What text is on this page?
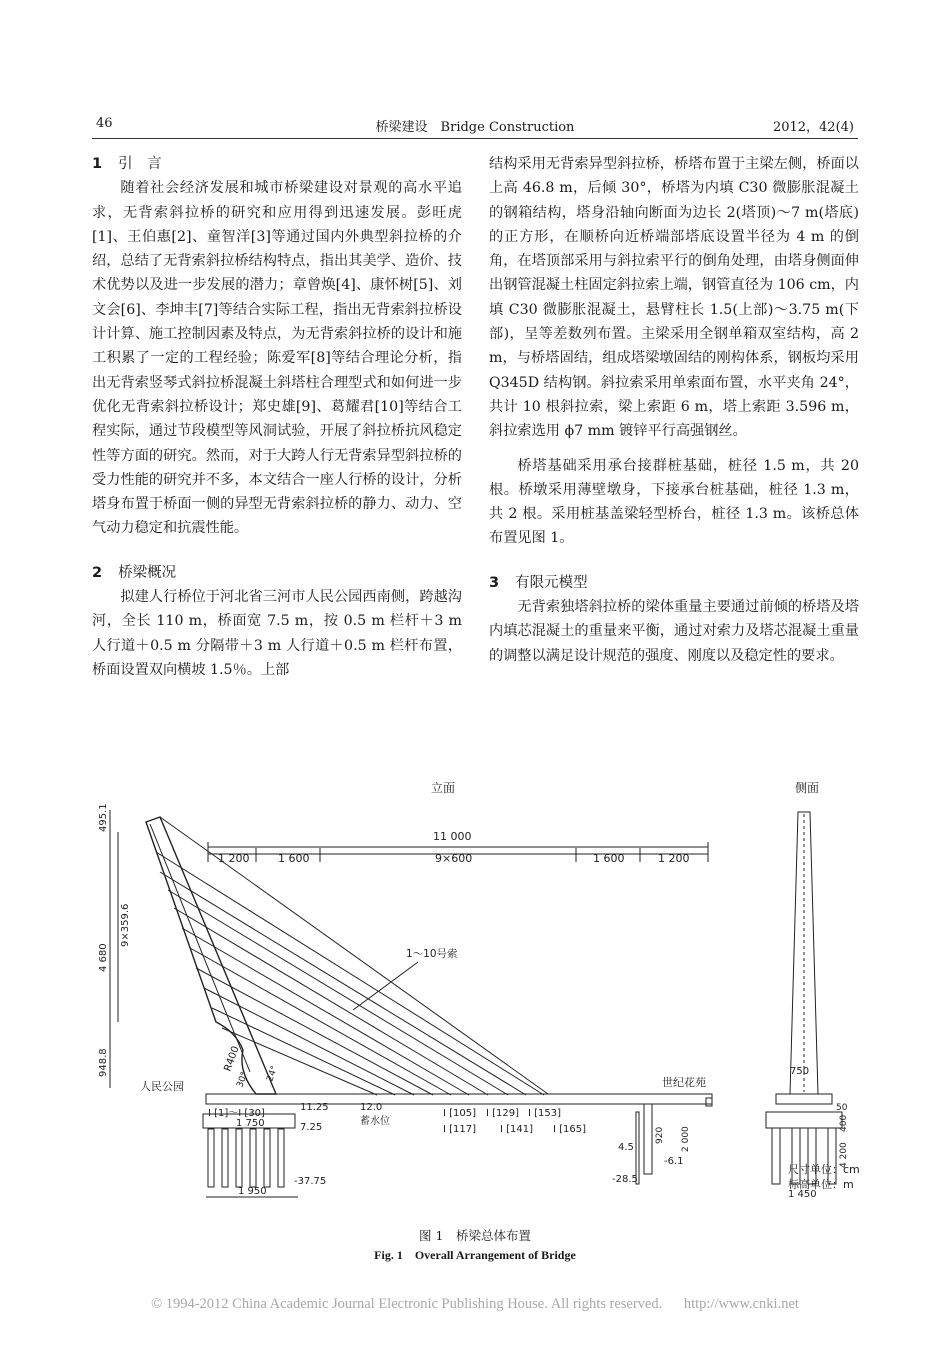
46	桥梁建设　Bridge Construction	2012，42(4)

1 引　言

随着社会经济发展和城市桥梁建设对景观的高水平追求，无背索斜拉桥的研究和应用得到迅速发展。彭旺虎[1]、王伯惠[2]、童智洋[3]等通过国内外典型斜拉桥的介绍，总结了无背索斜拉桥结构特点，指出其美学、造价、技术优势以及进一步发展的潜力；章曾焕[4]、康怀树[5]、刘文会[6]、李坤丰[7]等结合实际工程，指出无背索斜拉桥设计计算、施工控制因素及特点，为无背索斜拉桥的设计和施工积累了一定的工程经验；陈爱军[8]等结合理论分析，指出无背索竖琴式斜拉桥混凝土斜塔柱合理型式和如何进一步优化无背索斜拉桥设计；郑史雄[9]、葛耀君[10]等结合工程实际，通过节段模型等风洞试验，开展了斜拉桥抗风稳定性等方面的研究。然而，对于大跨人行无背索异型斜拉桥的受力性能的研究并不多，本文结合一座人行桥的设计，分析塔身布置于桥面一侧的异型无背索斜拉桥的静力、动力、空气动力稳定和抗震性能。

2 桥梁概况

拟建人行桥位于河北省三河市人民公园西南侧，跨越沟河，全长 110 m，桥面宽 7.5 m，按 0.5 m 栏杆＋3 m 人行道＋0.5 m 分隔带＋3 m 人行道＋0.5 m 栏杆布置，桥面设置双向横坡 1.5％。上部

结构采用无背索异型斜拉桥，桥塔布置于主梁左侧，桥面以上高 46.8 m，后倾 30°，桥塔为内填 C30 微膨胀混凝土的钢箱结构，塔身沿轴向断面为边长 2(塔顶)～7 m(塔底)的正方形，在顺桥向近桥端部塔底设置半径为 4 m 的倒角，在塔顶部采用与斜拉索平行的倒角处理，由塔身侧面伸出钢管混凝土柱固定斜拉索上端，钢管直径为 106 cm，内填 C30 微膨胀混凝土，悬臂柱长 1.5(上部)～3.75 m(下部)，呈等差数列布置。主梁采用全钢单箱双室结构，高 2 m，与桥塔固结，组成塔梁墩固结的刚构体系，钢板均采用 Q345D 结构钢。斜拉索采用单索面布置，水平夹角 24°，共计 10 根斜拉索，梁上索距 6 m，塔上索距 3.596 m，斜拉索选用 ϕ7 mm 镀锌平行高强钢丝。

桥塔基础采用承台接群桩基础，桩径 1.5 m，共 20 根。桥墩采用薄壁墩身，下接承台桩基础，桩径 1.3 m，共 2 根。采用桩基盖梁轻型桥台，桩径 1.3 m。该桥总体布置见图 1。

3 有限元模型

无背索独塔斜拉桥的梁体重量主要通过前倾的桥塔及塔内填芯混凝土的重量来平衡，通过对索力及塔芯混凝土重量的调整以满足设计规范的强度、刚度以及稳定性的要求。

立面	侧面
11 000
1 200	1 600	9×600	1 600	1 200
495.1
9×359.6
4 680
948.8
1～10号索
人民公园	世纪花苑
R400
30° 24°
I [1]～I [30]	I [105] I [129] I [153]
I [117] I [141] I [165]
1 750
11.25
7.25
-37.75
12.0
蓄水位
1 950
920 2 000
4.5
-6.1
-28.5
750
50
400
4 200
1 450
尺寸单位：cm
标高单位：m
图 1　桥梁总体布置
Fig. 1　Overall Arrangement of Bridge
© 1994-2012 China Academic Journal Electronic Publishing House. All rights reserved. http://www.cnki.net
